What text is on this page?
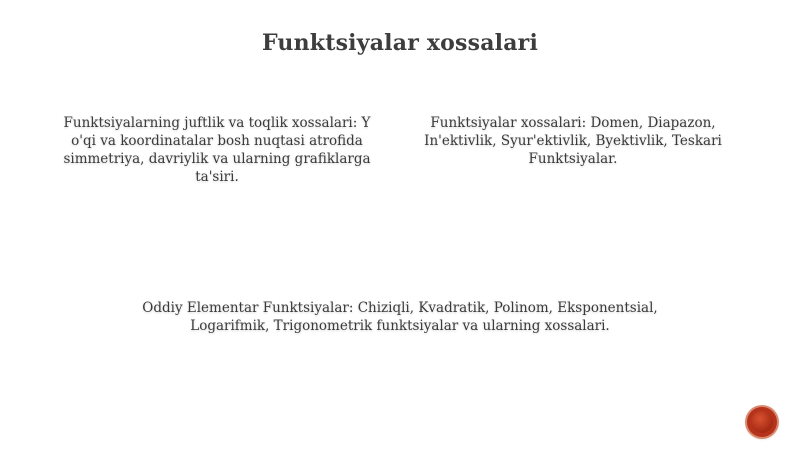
Funktsiyalar xossalari
Funktsiyalarning juftlik va toqlik xossalari: Y o'qi va koordinatalar bosh nuqtasi atrofida simmetriya, davriylik va ularning grafiklarga ta'siri.
Funktsiyalar xossalari: Domen, Diapazon, In'ektivlik, Syur'ektivlik, Byektivlik, Teskari Funktsiyalar.
Oddiy Elementar Funktsiyalar: Chiziqli, Kvadratik, Polinom, Eksponentsial, Logarifmik, Trigonometrik funktsiyalar va ularning xossalari.
